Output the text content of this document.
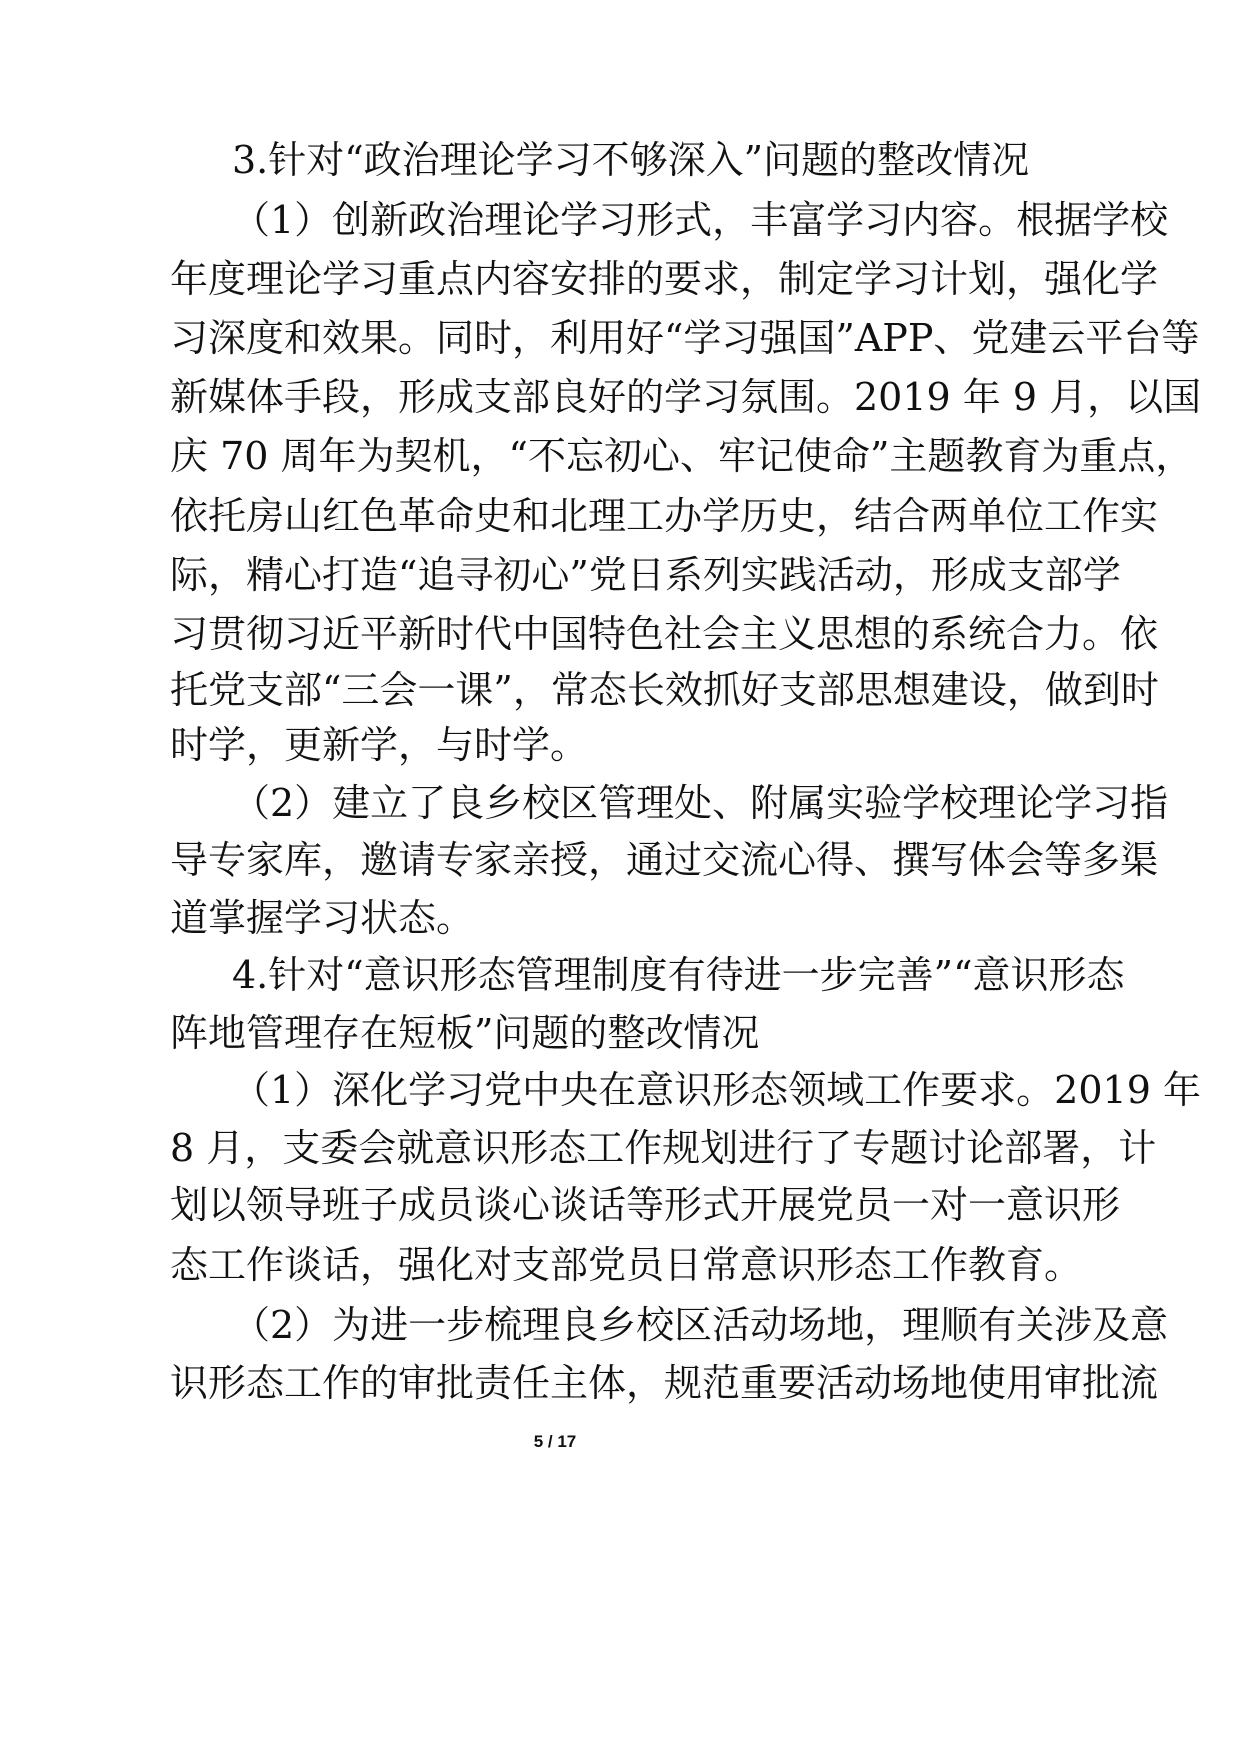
3.针对“政治理论学习不够深入”问题的整改情况
（1）创新政治理论学习形式，丰富学习内容。根据学校
年度理论学习重点内容安排的要求，制定学习计划，强化学
习深度和效果。同时，利用好“学习强国”APP、党建云平台等
新媒体手段，形成支部良好的学习氛围。2019 年 9 月，以国
庆 70 周年为契机，“不忘初心、牢记使命”主题教育为重点，
依托房山红色革命史和北理工办学历史，结合两单位工作实
际，精心打造“追寻初心”党日系列实践活动，形成支部学
习贯彻习近平新时代中国特色社会主义思想的系统合力。依
托党支部“三会一课”，常态长效抓好支部思想建设，做到时
时学，更新学，与时学。
（2）建立了良乡校区管理处、附属实验学校理论学习指
导专家库，邀请专家亲授，通过交流心得、撰写体会等多渠
道掌握学习状态。
4.针对“意识形态管理制度有待进一步完善”“意识形态
阵地管理存在短板”问题的整改情况
（1）深化学习党中央在意识形态领域工作要求。2019 年
8 月，支委会就意识形态工作规划进行了专题讨论部署，计
划以领导班子成员谈心谈话等形式开展党员一对一意识形
态工作谈话，强化对支部党员日常意识形态工作教育。
（2）为进一步梳理良乡校区活动场地，理顺有关涉及意
识形态工作的审批责任主体，规范重要活动场地使用审批流
5 / 17
